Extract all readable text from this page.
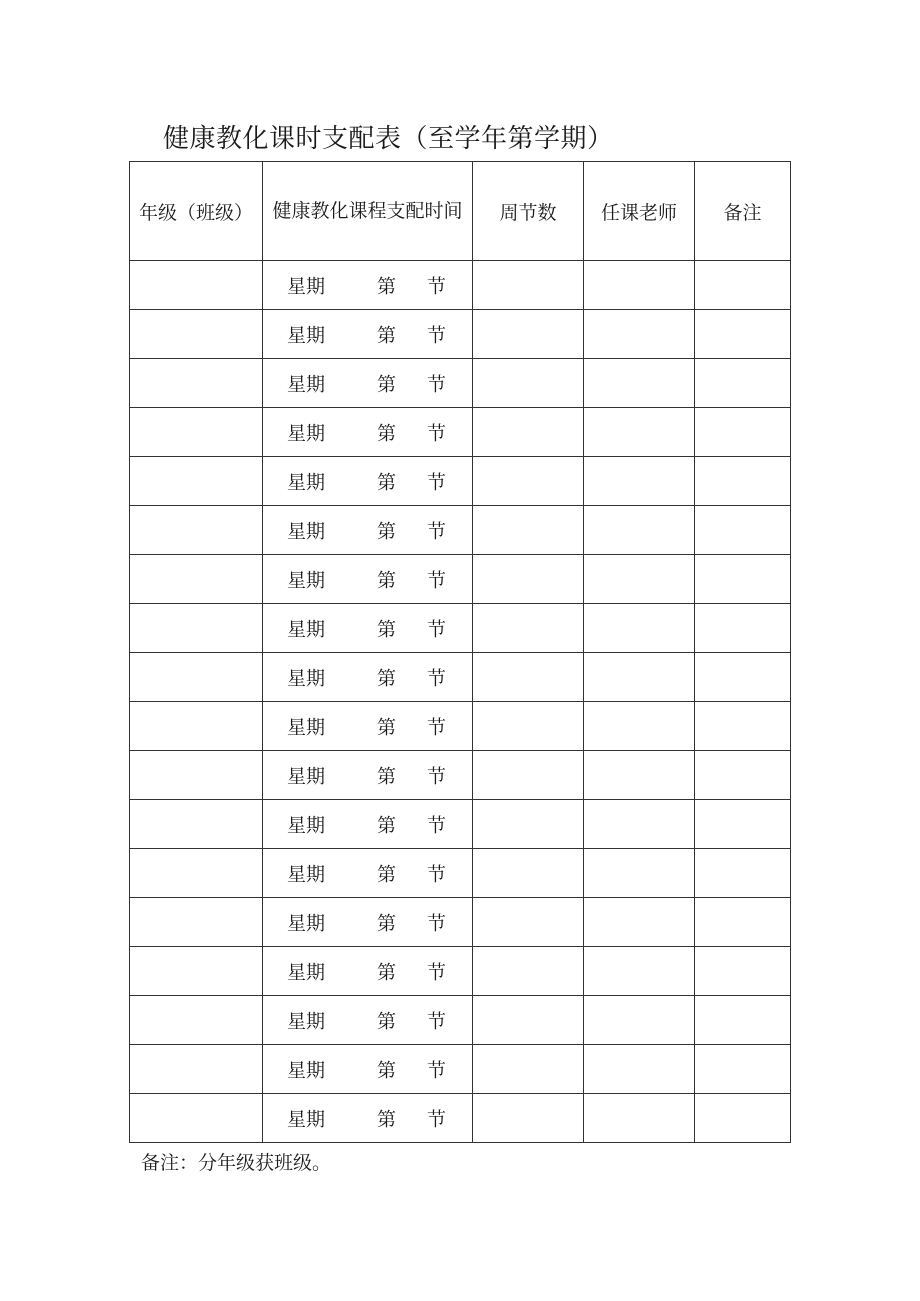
健康教化课时支配表（至学年第学期）
年级（班级）	健康教化课程支配时间	周节数	任课老师	备注

	星期 第 节			

	星期 第 节			

	星期 第 节			

	星期 第 节			

	星期 第 节			

	星期 第 节			

	星期 第 节			

	星期 第 节			

	星期 第 节			

	星期 第 节			

	星期 第 节			

	星期 第 节			

	星期 第 节			

	星期 第 节			

	星期 第 节			

	星期 第 节			

	星期 第 节			

	星期 第 节			

备注：分年级获班级。
